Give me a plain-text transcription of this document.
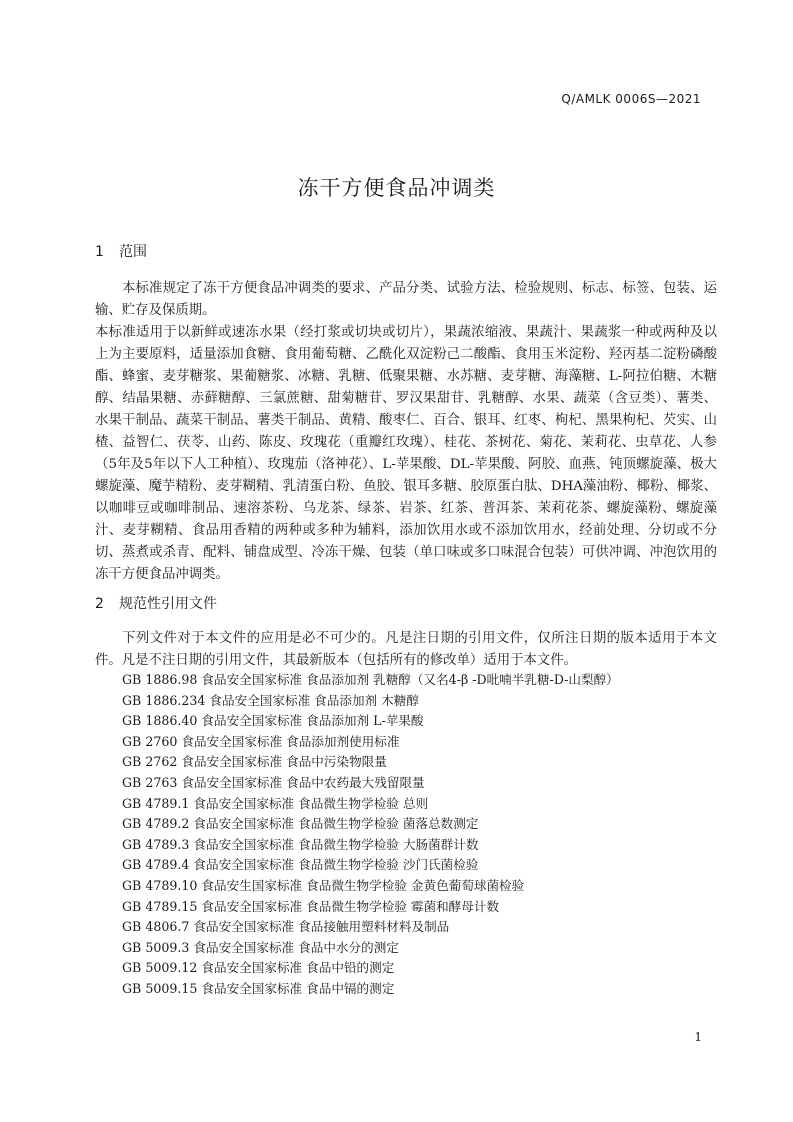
Q/AMLK 0006S—2021
冻干方便食品冲调类
1 范围

本标准规定了冻干方便食品冲调类的要求、产品分类、试验方法、检验规则、标志、标签、包装、运输、贮存及保质期。

本标准适用于以新鲜或速冻水果（经打浆或切块或切片），果蔬浓缩液、果蔬汁、果蔬浆一种或两种及以上为主要原料，适量添加食糖、食用葡萄糖、乙酰化双淀粉己二酸酯、食用玉米淀粉、羟丙基二淀粉磷酸酯、蜂蜜、麦芽糖浆、果葡糖浆、冰糖、乳糖、低聚果糖、水苏糖、麦芽糖、海藻糖、L-阿拉伯糖、木糖醇、结晶果糖、赤藓糖醇、三氯蔗糖、甜菊糖苷、罗汉果甜苷、乳糖醇、水果、蔬菜（含豆类）、薯类、水果干制品、蔬菜干制品、薯类干制品、黄精、酸枣仁、百合、银耳、红枣、枸杞、黑果枸杞、芡实、山楂、益智仁、茯苓、山药、陈皮、玫瑰花（重瓣红玫瑰）、桂花、茶树花、菊花、茉莉花、虫草花、人参（5年及5年以下人工种植）、玫瑰茄（洛神花）、L-苹果酸、DL-苹果酸、阿胶、血燕、钝顶螺旋藻、极大螺旋藻、魔芋精粉、麦芽糊精、乳清蛋白粉、鱼胶、银耳多糖、胶原蛋白肽、DHA藻油粉、椰粉、椰浆、以咖啡豆或咖啡制品、速溶茶粉、乌龙茶、绿茶、岩茶、红茶、普洱茶、茉莉花茶、螺旋藻粉、螺旋藻汁、麦芽糊精、食品用香精的两种或多种为辅料，添加饮用水或不添加饮用水，经前处理、分切或不分切、蒸煮或杀青、配料、铺盘成型、冷冻干燥、包装（单口味或多口味混合包装）可供冲调、冲泡饮用的冻干方便食品冲调类。

2 规范性引用文件

下列文件对于本文件的应用是必不可少的。凡是注日期的引用文件，仅所注日期的版本适用于本文件。凡是不注日期的引用文件，其最新版本（包括所有的修改单）适用于本文件。

GB 1886.98 食品安全国家标准 食品添加剂 乳糖醇（又名4-β -D吡喃半乳糖-D-山梨醇）
GB 1886.234 食品安全国家标准 食品添加剂 木糖醇
GB 1886.40 食品安全国家标准 食品添加剂 L-苹果酸
GB 2760 食品安全国家标准 食品添加剂使用标准
GB 2762 食品安全国家标准 食品中污染物限量
GB 2763 食品安全国家标准 食品中农药最大残留限量
GB 4789.1 食品安全国家标准 食品微生物学检验 总则
GB 4789.2 食品安全国家标准 食品微生物学检验 菌落总数测定
GB 4789.3 食品安全国家标准 食品微生物学检验 大肠菌群计数
GB 4789.4 食品安全国家标准 食品微生物学检验 沙门氏菌检验
GB 4789.10 食品安生国家标准 食品微生物学检验 金黄色葡萄球菌检验
GB 4789.15 食品安全国家标准 食品微生物学检验 霉菌和酵母计数
GB 4806.7 食品安全国家标准 食品接触用塑料材料及制品
GB 5009.3 食品安全国家标准 食品中水分的测定
GB 5009.12 食品安全国家标准 食品中铅的测定
GB 5009.15 食品安全国家标准 食品中镉的测定
1
